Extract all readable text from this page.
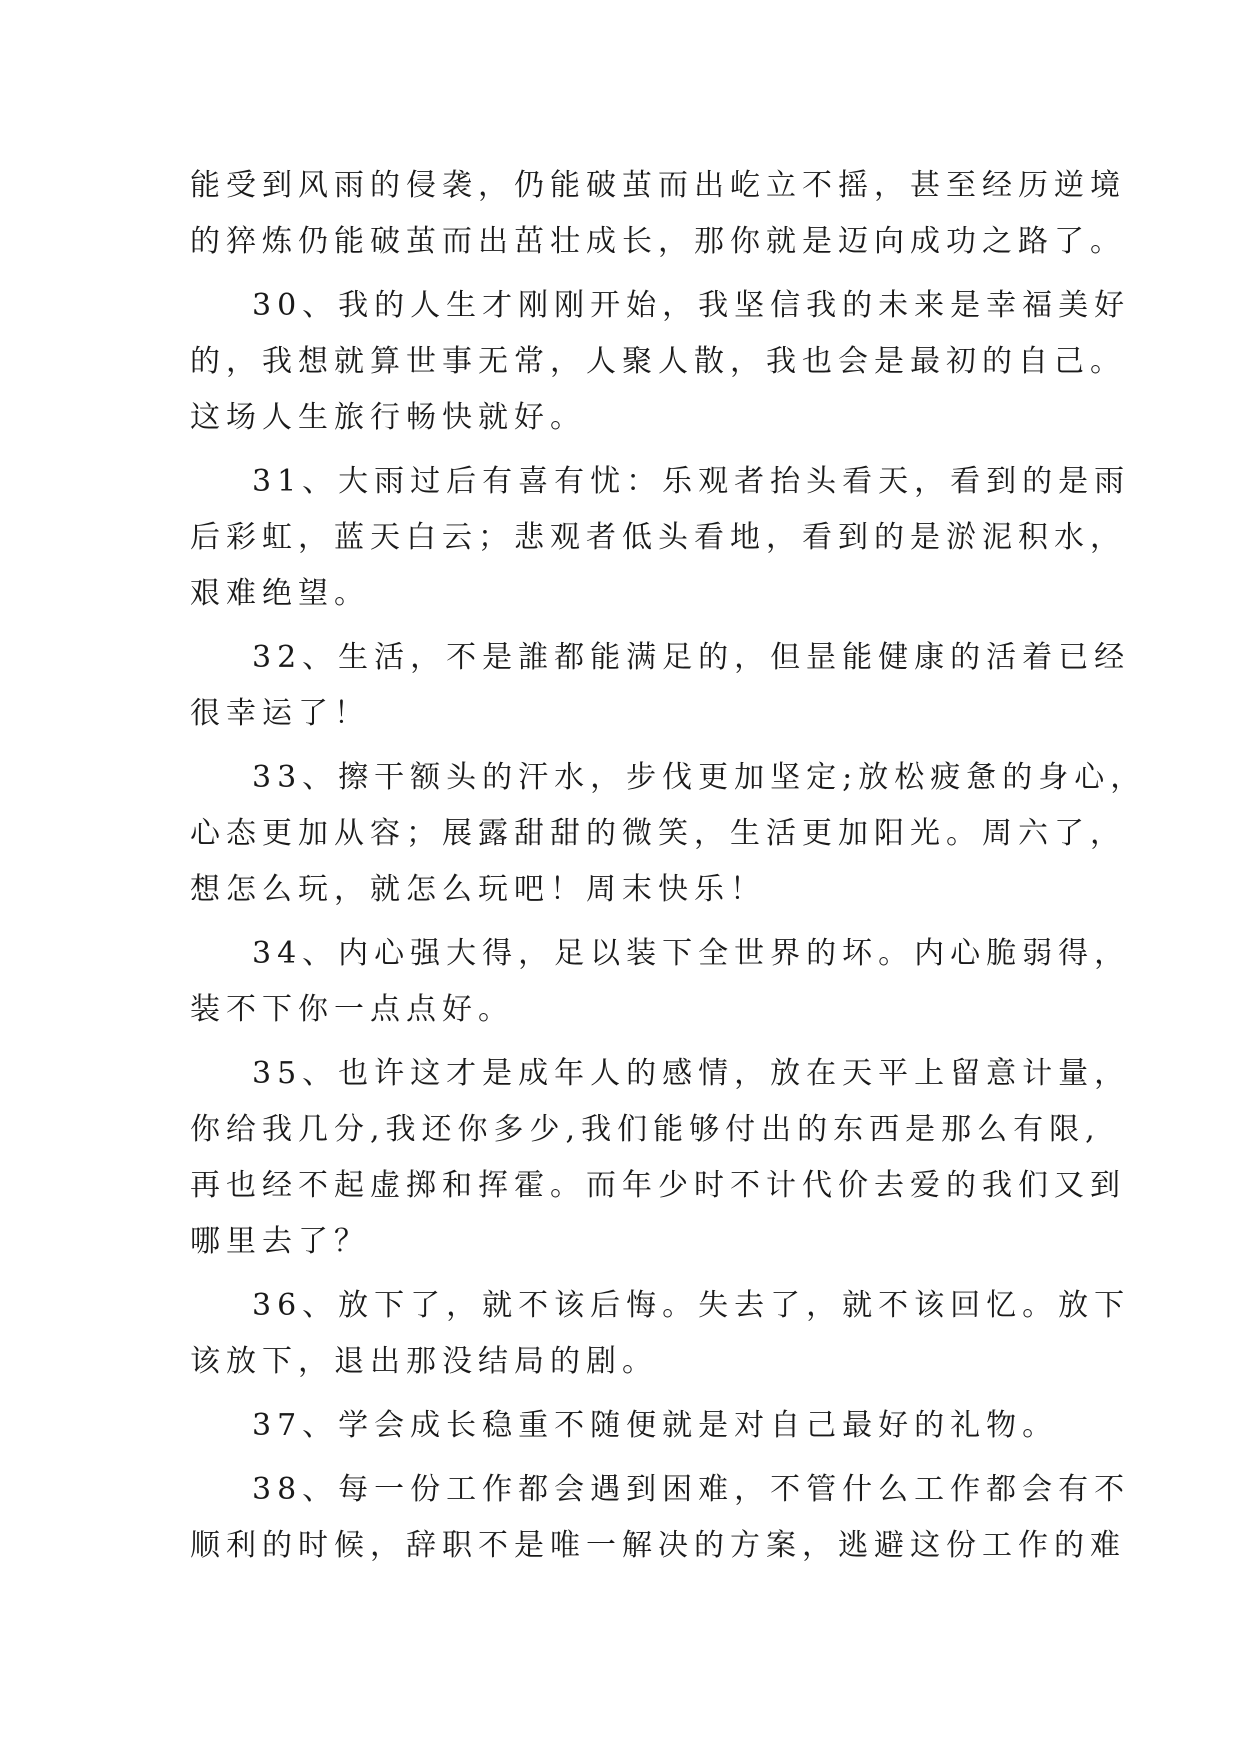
能受到风雨的侵袭，仍能破茧而出屹立不摇，甚至经历逆境
的猝炼仍能破茧而出茁壮成长，那你就是迈向成功之路了。
30、我的人生才刚刚开始，我坚信我的未来是幸福美好
的，我想就算世事无常，人聚人散，我也会是最初的自己。
这场人生旅行畅快就好。
31、大雨过后有喜有忧：乐观者抬头看天，看到的是雨
后彩虹，蓝天白云；悲观者低头看地，看到的是淤泥积水，
艰难绝望。
32、生活，不是誰都能满足的，但昰能健康的活着已经
很幸运了！
33、擦干额头的汗水，步伐更加坚定;放松疲惫的身心，
心态更加从容；展露甜甜的微笑，生活更加阳光。周六了，
想怎么玩，就怎么玩吧！周末快乐！
34、内心强大得，足以装下全世界的坏。内心脆弱得，
装不下你一点点好。
35、也许这才是成年人的感情，放在天平上留意计量，
你给我几分,我还你多少,我们能够付出的东西是那么有限,
再也经不起虚掷和挥霍。而年少时不计代价去爱的我们又到
哪里去了？
36、放下了，就不该后悔。失去了，就不该回忆。放下
该放下，退出那没结局的剧。
37、学会成长稳重不随便就是对自己最好的礼物。
38、每一份工作都会遇到困难，不管什么工作都会有不
顺利的时候，辞职不是唯一解决的方案，逃避这份工作的难
